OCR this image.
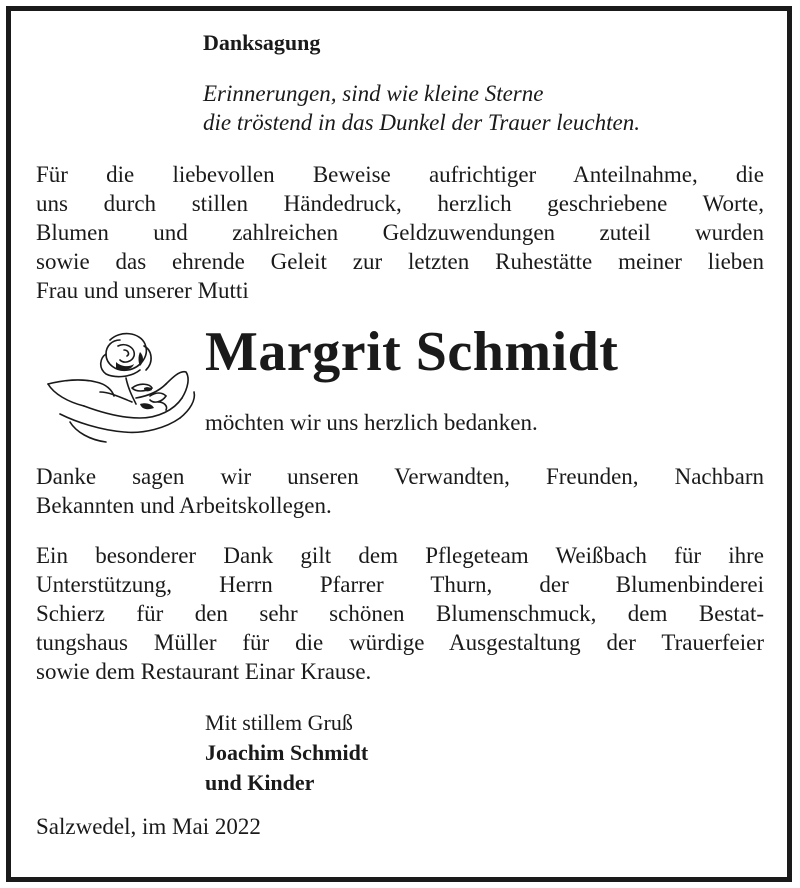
Danksagung
Erinnerungen, sind wie kleine Sterne
die tröstend in das Dunkel der Trauer leuchten.
Für die liebevollen Beweise aufrichtiger Anteilnahme, die
uns durch stillen Händedruck, herzlich geschriebene Worte,
Blumen und zahlreichen Geldzuwendungen zuteil wurden
sowie das ehrende Geleit zur letzten Ruhestätte meiner lieben
Frau und unserer Mutti
Margrit Schmidt
möchten wir uns herzlich bedanken.
Danke sagen wir unseren Verwandten, Freunden, Nachbarn
Bekannten und Arbeitskollegen.
Ein besonderer Dank gilt dem Pflegeteam Weißbach für ihre
Unterstützung, Herrn Pfarrer Thurn, der Blumenbinderei
Schierz für den sehr schönen Blumenschmuck, dem Bestat-
tungshaus Müller für die würdige Ausgestaltung der Trauerfeier
sowie dem Restaurant Einar Krause.
Mit stillem Gruß
Joachim Schmidt
und Kinder
Salzwedel, im Mai 2022
